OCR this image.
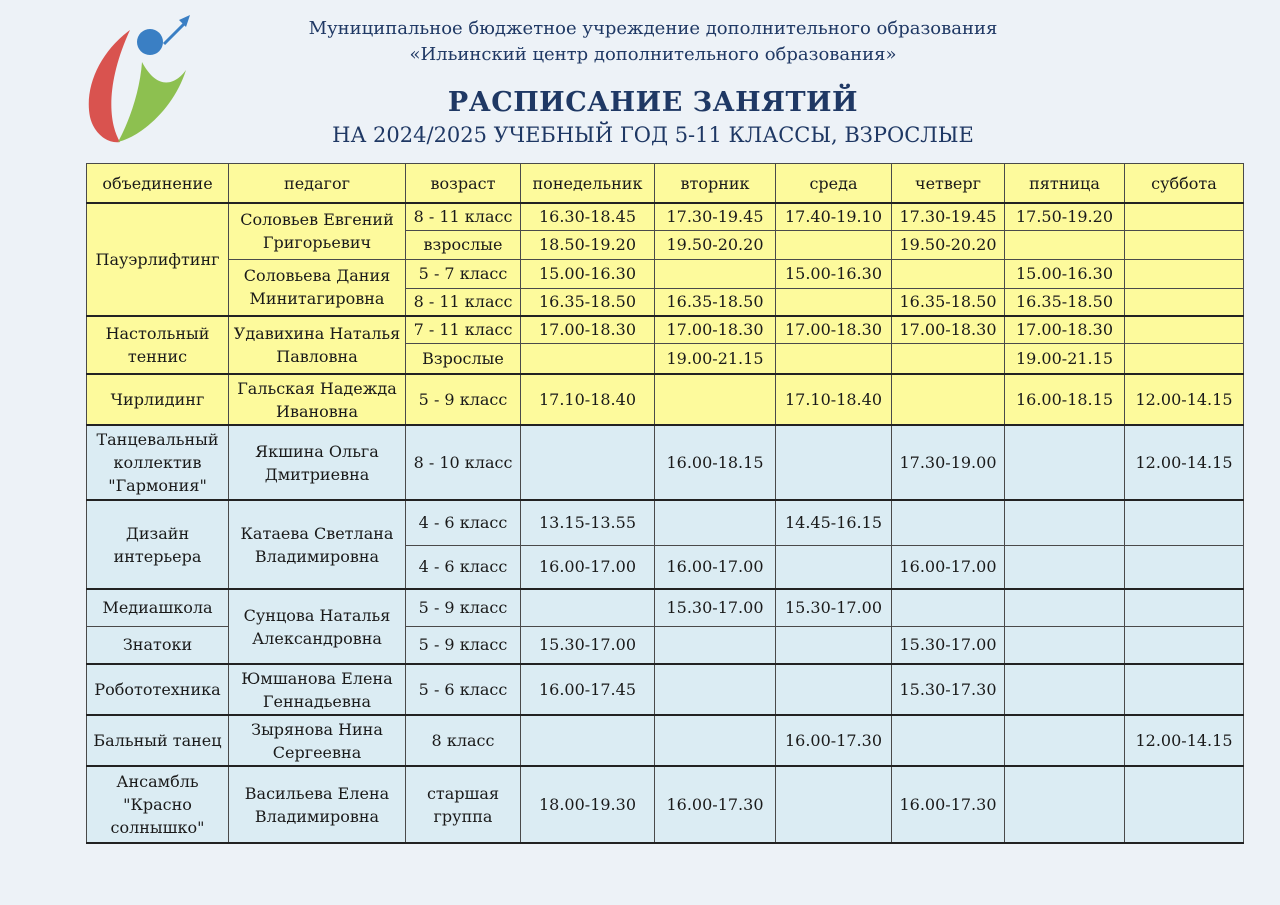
Муниципальное бюджетное учреждение дополнительного образования
«Ильинский центр дополнительного образования»
РАСПИСАНИЕ ЗАНЯТИЙ
НА 2024/2025 УЧЕБНЫЙ ГОД 5-11 КЛАССЫ, ВЗРОСЛЫЕ
объединение	педагог	возраст	понедельник	вторник	среда	четверг	пятница	суббота
Пауэрлифтинг	Соловьев Евгений Григорьевич	8 - 11 класс	16.30-18.45	17.30-19.45	17.40-19.10	17.30-19.45	17.50-19.20	
		взрослые	18.50-19.20	19.50-20.20		19.50-20.20		
	Соловьева Дания Минитагировна	5 - 7 класс	15.00-16.30		15.00-16.30		15.00-16.30	
		8 - 11 класс	16.35-18.50	16.35-18.50		16.35-18.50	16.35-18.50	
Настольный теннис	Удавихина Наталья Павловна	7 - 11 класс	17.00-18.30	17.00-18.30	17.00-18.30	17.00-18.30	17.00-18.30	
		Взрослые		19.00-21.15			19.00-21.15	
Чирлидинг	Гальская Надежда Ивановна	5 - 9 класс	17.10-18.40		17.10-18.40		16.00-18.15	12.00-14.15
Танцевальный коллектив "Гармония"	Якшина Ольга Дмитриевна	8 - 10 класс		16.00-18.15		17.30-19.00		12.00-14.15
Дизайн интерьера	Катаева Светлана Владимировна	4 - 6 класс	13.15-13.55		14.45-16.15			
		4 - 6 класс	16.00-17.00	16.00-17.00		16.00-17.00		
Медиашкола	Сунцова Наталья Александровна	5 - 9 класс		15.30-17.00	15.30-17.00			
Знатоки		5 - 9 класс	15.30-17.00			15.30-17.00		
Робототехника	Юмшанова Елена Геннадьевна	5 - 6 класс	16.00-17.45			15.30-17.30		
Бальный танец	Зырянова Нина Сергеевна	8 класс			16.00-17.30			12.00-14.15
Ансамбль "Красно солнышко"	Васильева Елена Владимировна	старшая группа	18.00-19.30	16.00-17.30		16.00-17.30		
